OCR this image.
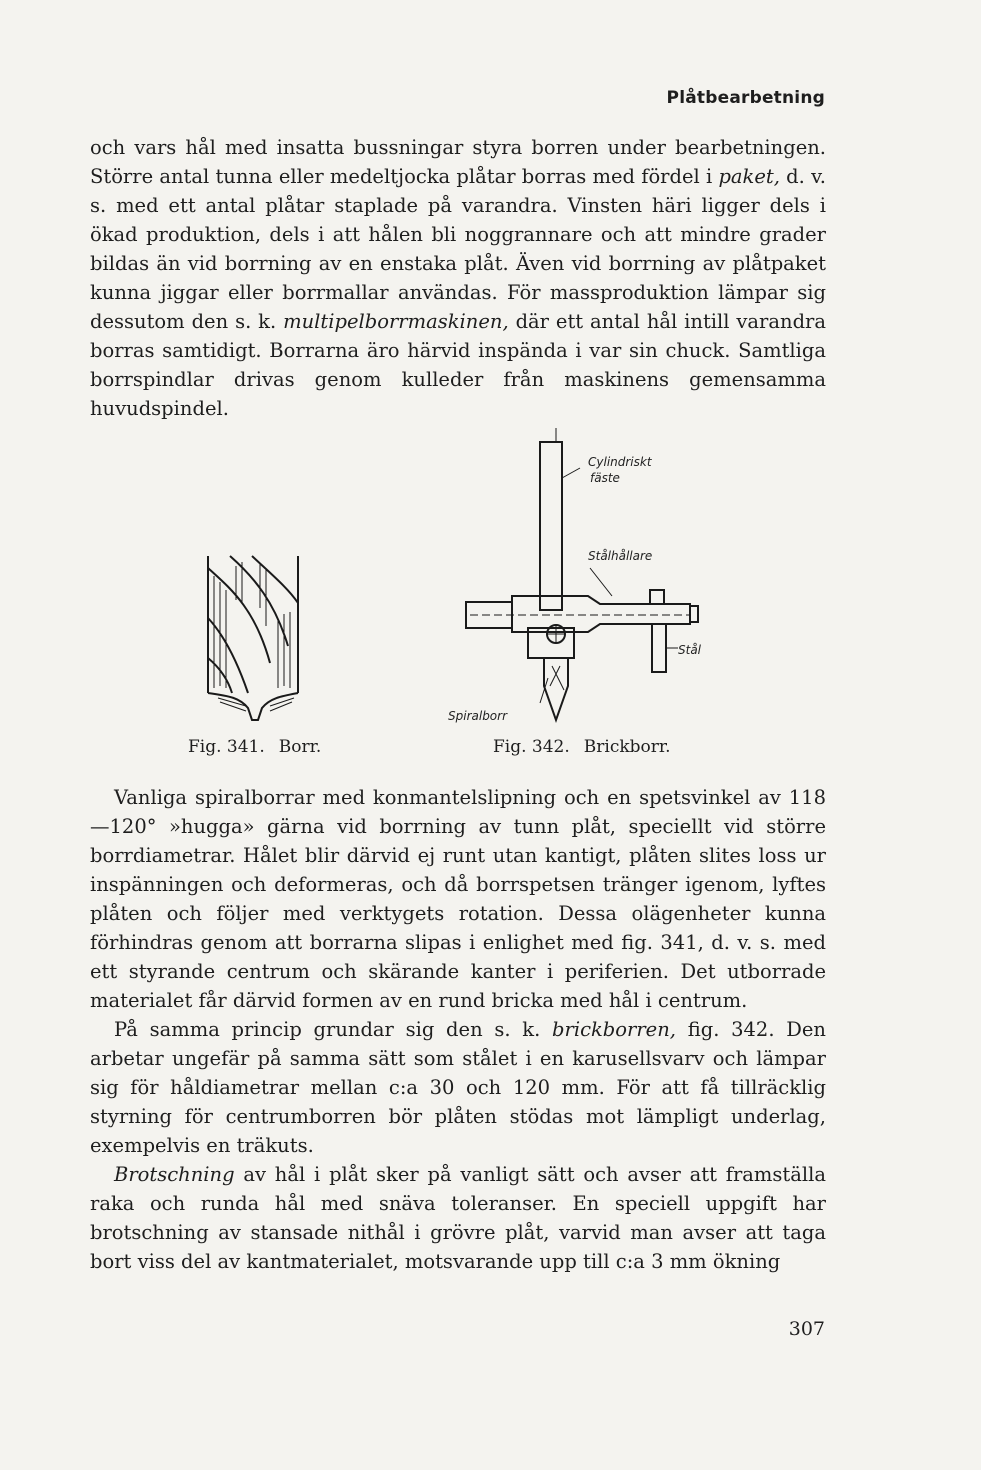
Plåtbearbetning

och vars hål med insatta bussningar styra borren under bearbetningen. Större antal tunna eller medeltjocka plåtar borras med fördel i paket, d. v. s. med ett antal plåtar staplade på varandra. Vinsten häri ligger dels i ökad produktion, dels i att hålen bli noggrannare och att mindre grader bildas än vid borrning av en enstaka plåt. Även vid borrning av plåtpaket kunna jiggar eller borrmallar användas. För massproduktion lämpar sig dessutom den s. k. multipelborrmaskinen, där ett antal hål intill varandra borras samtidigt. Borrarna äro härvid inspända i var sin chuck. Samtliga borrspindlar drivas genom kulleder från maskinens gemensamma huvudspindel.

Cylindriskt
fäste
Stålhållare
Stål
Spiralborr
Fig. 341. Borr.	Fig. 342. Brickborr.

Vanliga spiralborrar med konmantelslipning och en spetsvinkel av 118—120° »hugga» gärna vid borrning av tunn plåt, speciellt vid större borrdiametrar. Hålet blir därvid ej runt utan kantigt, plåten slites loss ur inspänningen och deformeras, och då borrspetsen tränger igenom, lyftes plåten och följer med verktygets rotation. Dessa olägenheter kunna förhindras genom att borrarna slipas i enlighet med fig. 341, d. v. s. med ett styrande centrum och skärande kanter i periferien. Det utborrade materialet får därvid formen av en rund bricka med hål i centrum.

På samma princip grundar sig den s. k. brickborren, fig. 342. Den arbetar ungefär på samma sätt som stålet i en karusellsvarv och lämpar sig för håldiametrar mellan c:a 30 och 120 mm. För att få tillräcklig styrning för centrumborren bör plåten stödas mot lämpligt underlag, exempelvis en träkuts.

Brotschning av hål i plåt sker på vanligt sätt och avser att framställa raka och runda hål med snäva toleranser. En speciell uppgift har brotschning av stansade nithål i grövre plåt, varvid man avser att taga bort viss del av kantmaterialet, motsvarande upp till c:a 3 mm ökning

307
